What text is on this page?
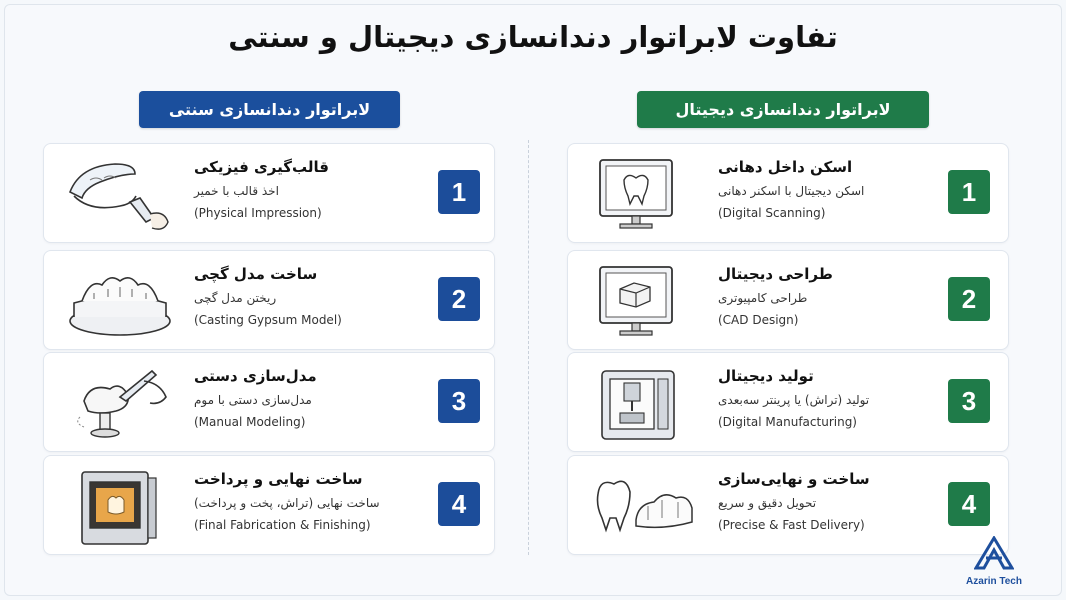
تفاوت لابراتوار دندانسازی دیجیتال و سنتی
لابراتوار دندانسازی سنتی	لابراتوار دندانسازی دیجیتال
قالب‌گیری فیزیکی
اخذ قالب با خمیر
(Physical Impression)
1
ساخت مدل گچی
ریختن مدل گچی
(Casting Gypsum Model)
2
مدل‌سازی دستی
مدل‌سازی دستی با موم
(Manual Modeling)
3
ساخت نهایی و پرداخت
ساخت نهایی (تراش، پخت و پرداخت)
(Final Fabrication & Finishing)
4
اسکن داخل دهانی
اسکن دیجیتال با اسکنر دهانی
(Digital Scanning)
1
طراحی دیجیتال
طراحی کامپیوتری
(CAD Design)
2
تولید دیجیتال
تولید (تراش) یا پرینتر سه‌بعدی
(Digital Manufacturing)
3
ساخت و نهایی‌سازی
تحویل دقیق و سریع
(Precise & Fast Delivery)
4
Azarin Tech
